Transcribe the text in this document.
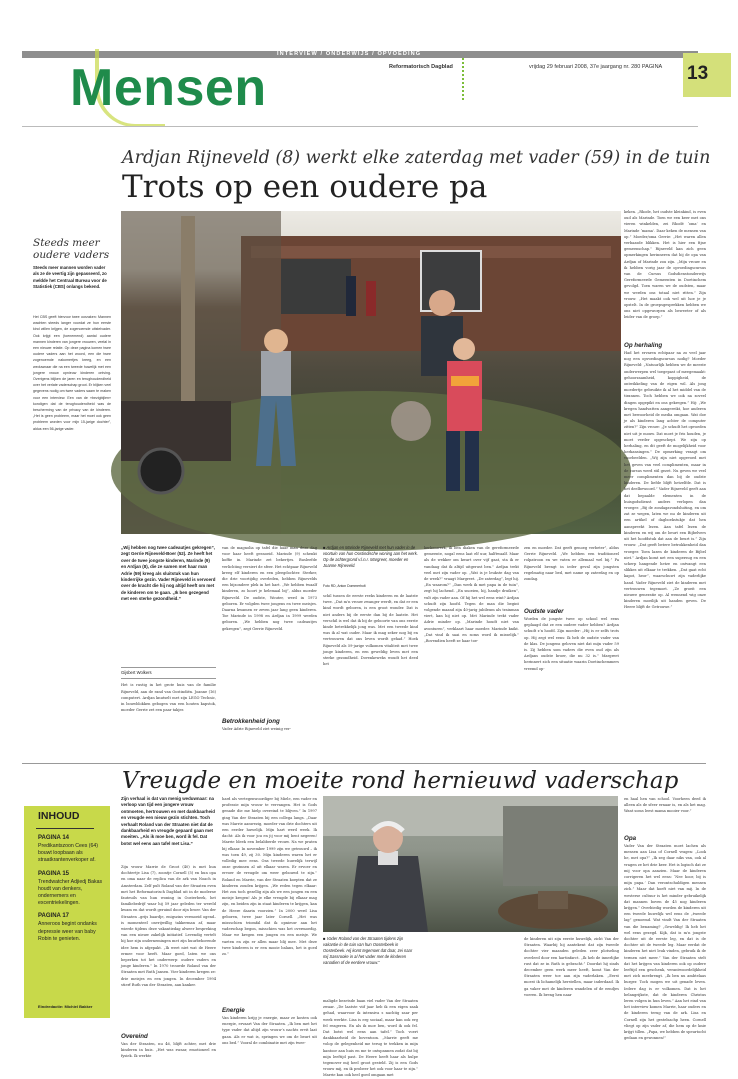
INTERVIEW / ONDERWIJS / OPVOEDING
Mensen	Reformatorisch Dagblad	vrijdag 29 februari 2008, 37e jaargang nr. 280 PAGINA 13
Ardjan Rijneveld (8) werkt elke zaterdag met vader (59) in de tuin
Trots op een oudere pa
Steeds meer oudere vaders
Steeds meer mannen worden vader als ze de veertig zijn gepasseerd, zo meldde het Centraal Bureau voor de Statistiek (CBS) onlangs bekend.
Het CBS geeft hiervoor twee oorzaken: Mannen wachten steeds langer voordat ze hun eerste kind willen krijgen, de zogenoemde uitstelvader. Ook krijgt een (toenemend) aantal oudere mannen kinderen van jongere vrouwen, veelal in een nieuwe relatie. Op deze pagina komen twee oudere vaders aan het woord, een die twee zogenoemde nakomertjes kreeg, en een weduwnaar die na een tweede huwelijk met een jongere vrouw opnieuw kinderen ontving. Overigens blijken de jaren en terughoudendheid over het verlate vaderschap groot. Er blijken veel gegevens nodig om twee vaders saam te maken voor een interview. Een van de »bezigbijlen« kondigen dat de terughoudendheid was de bescherming van de privacy van de kinderen. „Het is geen probleem, maar het moet ook geen probleem worden voor mijn 15-jarige dochter”, aldus een 56-jarige vader.
keken. „Rhode, het oudste kleinkind, is even oud als Marinde. Toen we een keer met ons vieren winkelden, zei Rhodé ‘oma’ en Marinde ‘mama’. Daar keken de mensen van op.” Moeder/oma Gerrie: „Het waren allen verbaasde blikken. Het is hier een fijne gemeenschap.” Rijneveld kan zich geen opmerkingen herinneren dat hij de opa van Ardjan of Marinde zou zijn. „Mijn vrouw en ik hebben vorig jaar de opvoedingscursus van de Cursus Godsdienstonderwijs Gereformeerde Gemeenten in Doetinchem gevolgd. Toen waren we de oudsten, maar we werden ons totaal niet ritten.” Zijn vrouw: „Het maakt ook wel uit hoe je je opstelt. In de groepsgesprekken hebben we ons niet opgeworpen als beweeter of als leider van de groep.”
Op herhaling
Had het ervaren echtpaar na zo veel jaar nog een opvoedingscursus nodig? Moeder Rijneveld: „Natuurlijk hebben we de meeste onderwerpen wel toegepast of meegemaakt: gehoorzaamheid, koppigheid, de ontwikkeling van de eigen wil. Als jong moedertje gebruikte ik al het middel van de tirannen. Toch hebben we ook na zoveel dingen opgepikt en ons gekregen.” Hij: „We kregen handvatten aangereikt, hoe anderen met bewoorheid de media omgaan. Wat doe je als kinderen lang achter de computer zitten?” Zijn vrouw: „Je schudt het opvoeden niet uit je mouw. Dat moet je fris houden, je moet verder opgeschept. We zijn op herhaling, en dit geeft de mogelijkheid voor herkansingen.” De opmerking vraagt om voorbeelden. „Wij zijn niet opgevoed met het geven van veel complimenten, maar in de cursus werd stil gezet. Nu geven we veel meer complimenten dan bij de oudste kinderen. De liefde blijft hetzelfde. Dat is het deelbewoord.” Vader Rijneveld geeft aan dat bepaalde elementen in de huisgodsdienst anders verlopen dan vroeger. „Bij de zondagavondsluiting, en om zat ze wegen, laten we nu de kinderen uit een artikel of dagboekstukje dat hen aanspreekt lezen. Aan tafel lezen de kinderen en wij om de beurt een Bijbelvers uit het hoofdstuk dat aan de beurt is.” Zijn vrouw: „Dat geeft betere betrokkenheid dan vroeger. Toen lazen de kinderen de Bijbel niet.” Ardjan komt net een supersug en een scherp hangende hetze en ontvangt een slikkes uit elkaar te trekken. „Dat gaat echt kapot, heor”, waarschuwt zijn vaderlijke hand. Vader Rijneveld ziet de kinderen met vertrouwen tegemoet. „Ze groeit een nieuwe generatie op. Al wennend wig onze kinderen moeilijk uit handen geven. De Heere blijft de Getrouwe.”
„Wij hebben nog twee cadeautjes gekregen”, zegt Gerrie Rijneveld-Boer (52). Ze heeft het over de twee jongste kinderen, Marinde (9) en Ardjan (8), die ze samen met haar man Adrie (59) kreeg als sluitstuk van hun kinderrijke gezin. Vader Rijneveld is vervoerd over de kracht die hij nog altijd heeft om met de kinderen om te gaan. „Ik ben gezegend met een sterke gezondheid.”
Gijsbert Wolkers
Het is rustig in het grote huis van de familie Rijneveld, aan de rand van Oostindiën. Joanne (16) computert. Ardjan knutselt met zijn LEGO Technic, in bouwblokken gebogen van een houten kapstok, moeder Gerrie zet een paar takjes
van de magnolia op tafel die haar man deze dag voor haar heeft gesnoeid. Marinde (9) schenkt koffie in. Marinde zet bekertjes. Busleefde verlichting versiert de sfeer. Het echtpaar Rijneveld kreeg elf kinderen en een pleegdochter. Sterker, die drie voortijdig overleden, hebben Rijnevelds een bijzondere plek in het hart. „We hebben twaalf kinderen, zo hoort je helemaal bij”, aldus moeder Rijneveld. De oudste, Wouter, werd in 1973 geboren. Er volgden twee jongens en twee meisjes. Daarna kwamen er zeven jaar lang geen kinderen. Toe Marinde in 1998 en Ardjan in 1999 werden geboren. „We hebben nog twee cadeautjes gekregen”, zegt Gerrie Rijneveld.
Betrokkenheid jong
Vader Adrie Rijneveld ziet weinig ver-
■ Ardjan en Marinde Rijneveld met hun vader in de voortuin van hun Oostindische woning aan het werk. Op de achtergrond v.l.n.r. Margreet, moeder en Joanne Rijneveld.
Foto RD, Anton Dommerholt
schil tussen de eerste reeks kinderen en de laatste twee. „Dat m’n vrouw zwanger werdt, en dat er een kind wordt geboren, is een groot wonder. Dat is niet anders bij de eerste dan bij de laatste. Het verschil is wel dat ik bij de geboorte van ons eerste kinde betrekkelijk jong was. Met een tweede kind was ik al wat ouder. Maar ik mag zeker nog bij en vertrouwen dat ons leven wordt gehad.” Hoek Rijneveld als 59-jarige volkomen vitaliteit met twee jonge kinderen, en een geweldig leven met een sterke gezondheid. Dovenkeweks woudt het deed het
kerkenwerk, ik ben diaken van de gereformeerde gemeente, nogal eens laat elf uur, halftwaalf. Maar als de wekker om kwart over vijf gaat, sta ik er vandaag dat ik altijd uitgerust ben.” Ardjan trekt veel met zijn vader op. „Wat is je leukste dag van de week?” vraagt Margreet. „De zaterdag”, legt hij. „En waarom?” „Dan werk ik met papa in de tuin”, zegt hij lachend. „En snoeien, hij, handje druiken”, vult zijn vader aan. Of hij het wel eens wint? Ardjan schudt zijn hoofd. Tegen de man die begint volgende maand zijn 40-jarig jubileum als trainman viert, kan hij niet op. Met Marinde trekt vader Adrie minder op. „Marinde houdt niet van avonturen”, verklaart haar moeder. Marinde knikt. „Dat vind ik saai en soms word ik misselijk.” „Bovendien heeft ze haar toe-
zen en moeder. Dat geeft genoeg verbeter”, aldus Gerrie Rijneveld. „We hebben een traditioneel rolpatroon en we vaten er allemaal wel bij.” Pa Rijneveld brengt in ieder geval zijn jongsten regelmatig naar bed, met name op zaterdag en op zondag.
Oudste vader
Worden de jongste twee op school wel eens geplaagd dat ze een oudere vader hebben? Ardjan schudt z’n hoofd. Zijn moeder: „Hij is er zelfs trots op. Hij zegt wel eens: Ik heb de oudste vader van de klas. De jongens geloven niet dat mijn vader 59 is. Zij hebben som vaders die even oud zijn als Ardjans oudste broer, die nu 32 is.” Margreet herinnert zich een situatie waarin Doetinchemmers vreemd op-
Vreugde en moeite rond hernieuwd vaderschap
INHOUD
PAGINA 14
Predikantszoon Cees (64) bouwt loopbaan als straatkrantenverkoper af.
PAGINA 15
Trendwatcher Adjiedj Bakas houdt van denkers, ondernemers en excentriekelingen.
PAGINA 17
Anneroos begint ondanks depressie weer van baby Robin te genieten.
Eindredactie: Michiel Bakker
Zijn verhaal is dat van menig weduwnaar: na verloop van tijd een jongere vrouw ontmoeten, hertrouwen en met dankbaarheid en vreugde een nieuw gezin stichten. Toch verhaalt Roland van der Straaten niet dat de dankbaarheid en vreugde gepaard gaan met moeiten. „Als ik moe ben, word ik fel. Dat botst wel eens aan tafel met Lisa.”
Zijn vrouw Marrie de Groot (40) is met hun dochtertje Lisa (7), zoontje Cornell (5) en hun opa en oma naar de replica van de ark van Noach in Amsterdam. Zelf pult Roland van der Straaten even met het Reformatorisch Dagblad uit in de moderne fauteuils van hun woning in Oosterbeek, het familiebedrijf waar hij 59 jaar geleden ter wereld kwam en dat wordt geruind door zijn broer. Van der Straaten –grijs baardje, enigszins vermoeid ogend– is momenteel onvrijwillig takkerman af, maar wierde tijdens deze vakantiedag alweer bespreking van een nieuw zakelijk initiatief. Levendig vertelt hij hoe zijn ondernemingen met zijn huurbehorende idee hem is afgepakt. „Ik weet niet wat de Heere ermee voor heeft. Maar goed, laten we ons beperken tot het onderwerp: oudere vaders en jonge kinderen.” In 1970 trouwde Roland van der Straaten met Ruth Jansen. Vier kinderen kregen ze: drie meisjes en een jongen. In december 1994 stierf Ruth van der Straaten, aan kanker.
Overeind
Van der Straaten, nu 46, blijft achter, met drie kinderen in huis. „Het was zwaar, emotioneel en fysiek. Ik werkte
hard als vertegenwoordiger bij Miele, een vader en professie mijn vrouw te vervangen. Het is Gods genade die me hielp overeind te blijven.” In 1997 ging Van der Straaten bij een collega langs. „Daar was Marrie aanwezig, moeder van drie dochters uit een eerder huwelijk. Mijn hart werd week. Ik dacht: Als ik voor jou en jij voor mij bent negeren! Marrie bleek een belabberde vrouw. Na we praten bij elkaar. In november 1999 zijn we getrouwd – ik was toen 49, zij 30. Mijn kinderen waren het er volledig mee eens. Ons tweede huwelijk terwijl onze gezinnen al uit elkaar waren. Er ervoer en ervoer de vreugde om weer gebouwd te zijn.” Roland en Marrie, van der Straaten koepten dat ze kinderen zouden krijgen. „We reden tegen elkaar: Het zou toch gezellig zijn als we een jongen en een meisje kregen! Als je elke vreugde bij elkaar mag zijn, en beiden zijn in staat kinderen te krijgen, kan de Heere daarin voorzien.” In 2000 werd Lisa geboren, twee jaar later Cornell. „Het was missschien triomfal dat ik opnieuw aan het vaderschap begon, misschien was het overmoedig. Maar we kregen een jongen en een meisje. We vaeten en zijn er allen maar blij mee. Met deze twee kinderen is er een mooie balans, het is goed zo.”
Energie
Van kinderen krijg je energie, maar ze kosten ook energie, ervaart Van der Straaten. „Ik ben met het type vader dat altijd zijn vrouw’s nachts ervit laat gaan. Als er wat is, springen we om de beurt uit ons bed.” Vooral de combinatie met zijn twee-
■ Vader Roland van der Straaten tijdens zijn vakantie in de tuin van hun Oosterbeek in Oosterbeek. Hij komt tegemoet dat daar, zei naar mij Sassrooke in al het vader met de kinderen vanadien of de eerdere vrouw.”
maligde bezetsde baan viel vader Van der Straaten zwaar. „De laatste viif jaar heb ik een eigen zaak gehad, waarvoor ik intensiva s nachtig zaar per week werkte. Lisa is erg sociaal, maar kan ook erg fel reageren. En als ik moe ben, word ik ook fel. Dat botst wel eens aan tafel.” Toch voert dankbaarheid de boventoon. „Marrie geeft me volop de gelegenheid me terug te trekken in mijn kantoor aan huis en me te ontspannen zodat dat bij mijn leeftijd past. De Heere heeft haar als hulpe tegenover mij heel groot gesteld. Zij is een Gods vrouw mij, en ik probeer het ook voor haar te zijn.” Marrie kan ook heel goed omgaan met
de kinderen uit zijn eerste huwelijk, zicht Van der Straaten. Waarbij hij aantekent dat zijn tweede dochter vier maanden geleden zeer plotseling overleed door een hartinfarct. „Ik heb de innerlijke rust dat ze in Ruth is gebracht.” Doordat hij sinds december geen werk meer heeft, komt Van der Straaten weer toe aan zijn vaderlaken. „Eerst moest ik lichamelijk herstellen, maar inderdaad. Ik ga vaker met de kinderen wandelen of de eendjes voeren. Ik breng hen naar
en haal hen van school. Voorheen deed ik alleen als de sfeer ernaar is, en als het mag. Want soms leest mama mooier voor.”
Opa
Vader Van der Straaten moet lachen als mensen aan Lisa of Cornell vragen: „Look he, met opa?” „Ik zeg daar niks van, ook al vragen ze het drie keer. Het is logisch dat ze mij voor opa aanzien. Maar de kinderen corrigeren het wel eens: ‘Nee hoor, bij is mijn papa.’ Dan verontschuldigen mensen zich.” Maar dat hoeft niet van mij. In de westerse cultuur is het minder gebruikelijk dat mannen boven de 45 nog kinderen krijgen.” Overbiedig worden de kinderen uit een tweede huwelijk wel eens de „tweede lag” genoemd. Wat vindt Van der Straaten van die benaming? „Geweldig! Ik heb het wel eens gezegd. Kijk, dat is m’n jongste dochter uit de eerste leg, en dat is de dochter uit de tweede leg. Maar eerdat de kinderen het niet leuk vinden, gebruik ik de termen niet meer.” Van der Straaten stelt dat het krijgen van kinderen ook op oudere leeftijd een geschenk, verantwoordelijkheid met zich meebrengt. „Ik ben nu ambtelaas burger. Toch mogen we uit genade leven. Iedere dag is er volkomen. Dat is het belangrijkste, dat de kinderen Christus leren volgen in hun leven.” Aan het eind van het interview komen Marrie, haar ouders en de kinderen terug van de ark. Lisa en Cornell zijn het gestelsachp heen. Cornell vliegt op zijn vader af, die hem op de knie krijgt tillen. „Papa, we hebben de speurtocht gedaan en gewonnen!”
